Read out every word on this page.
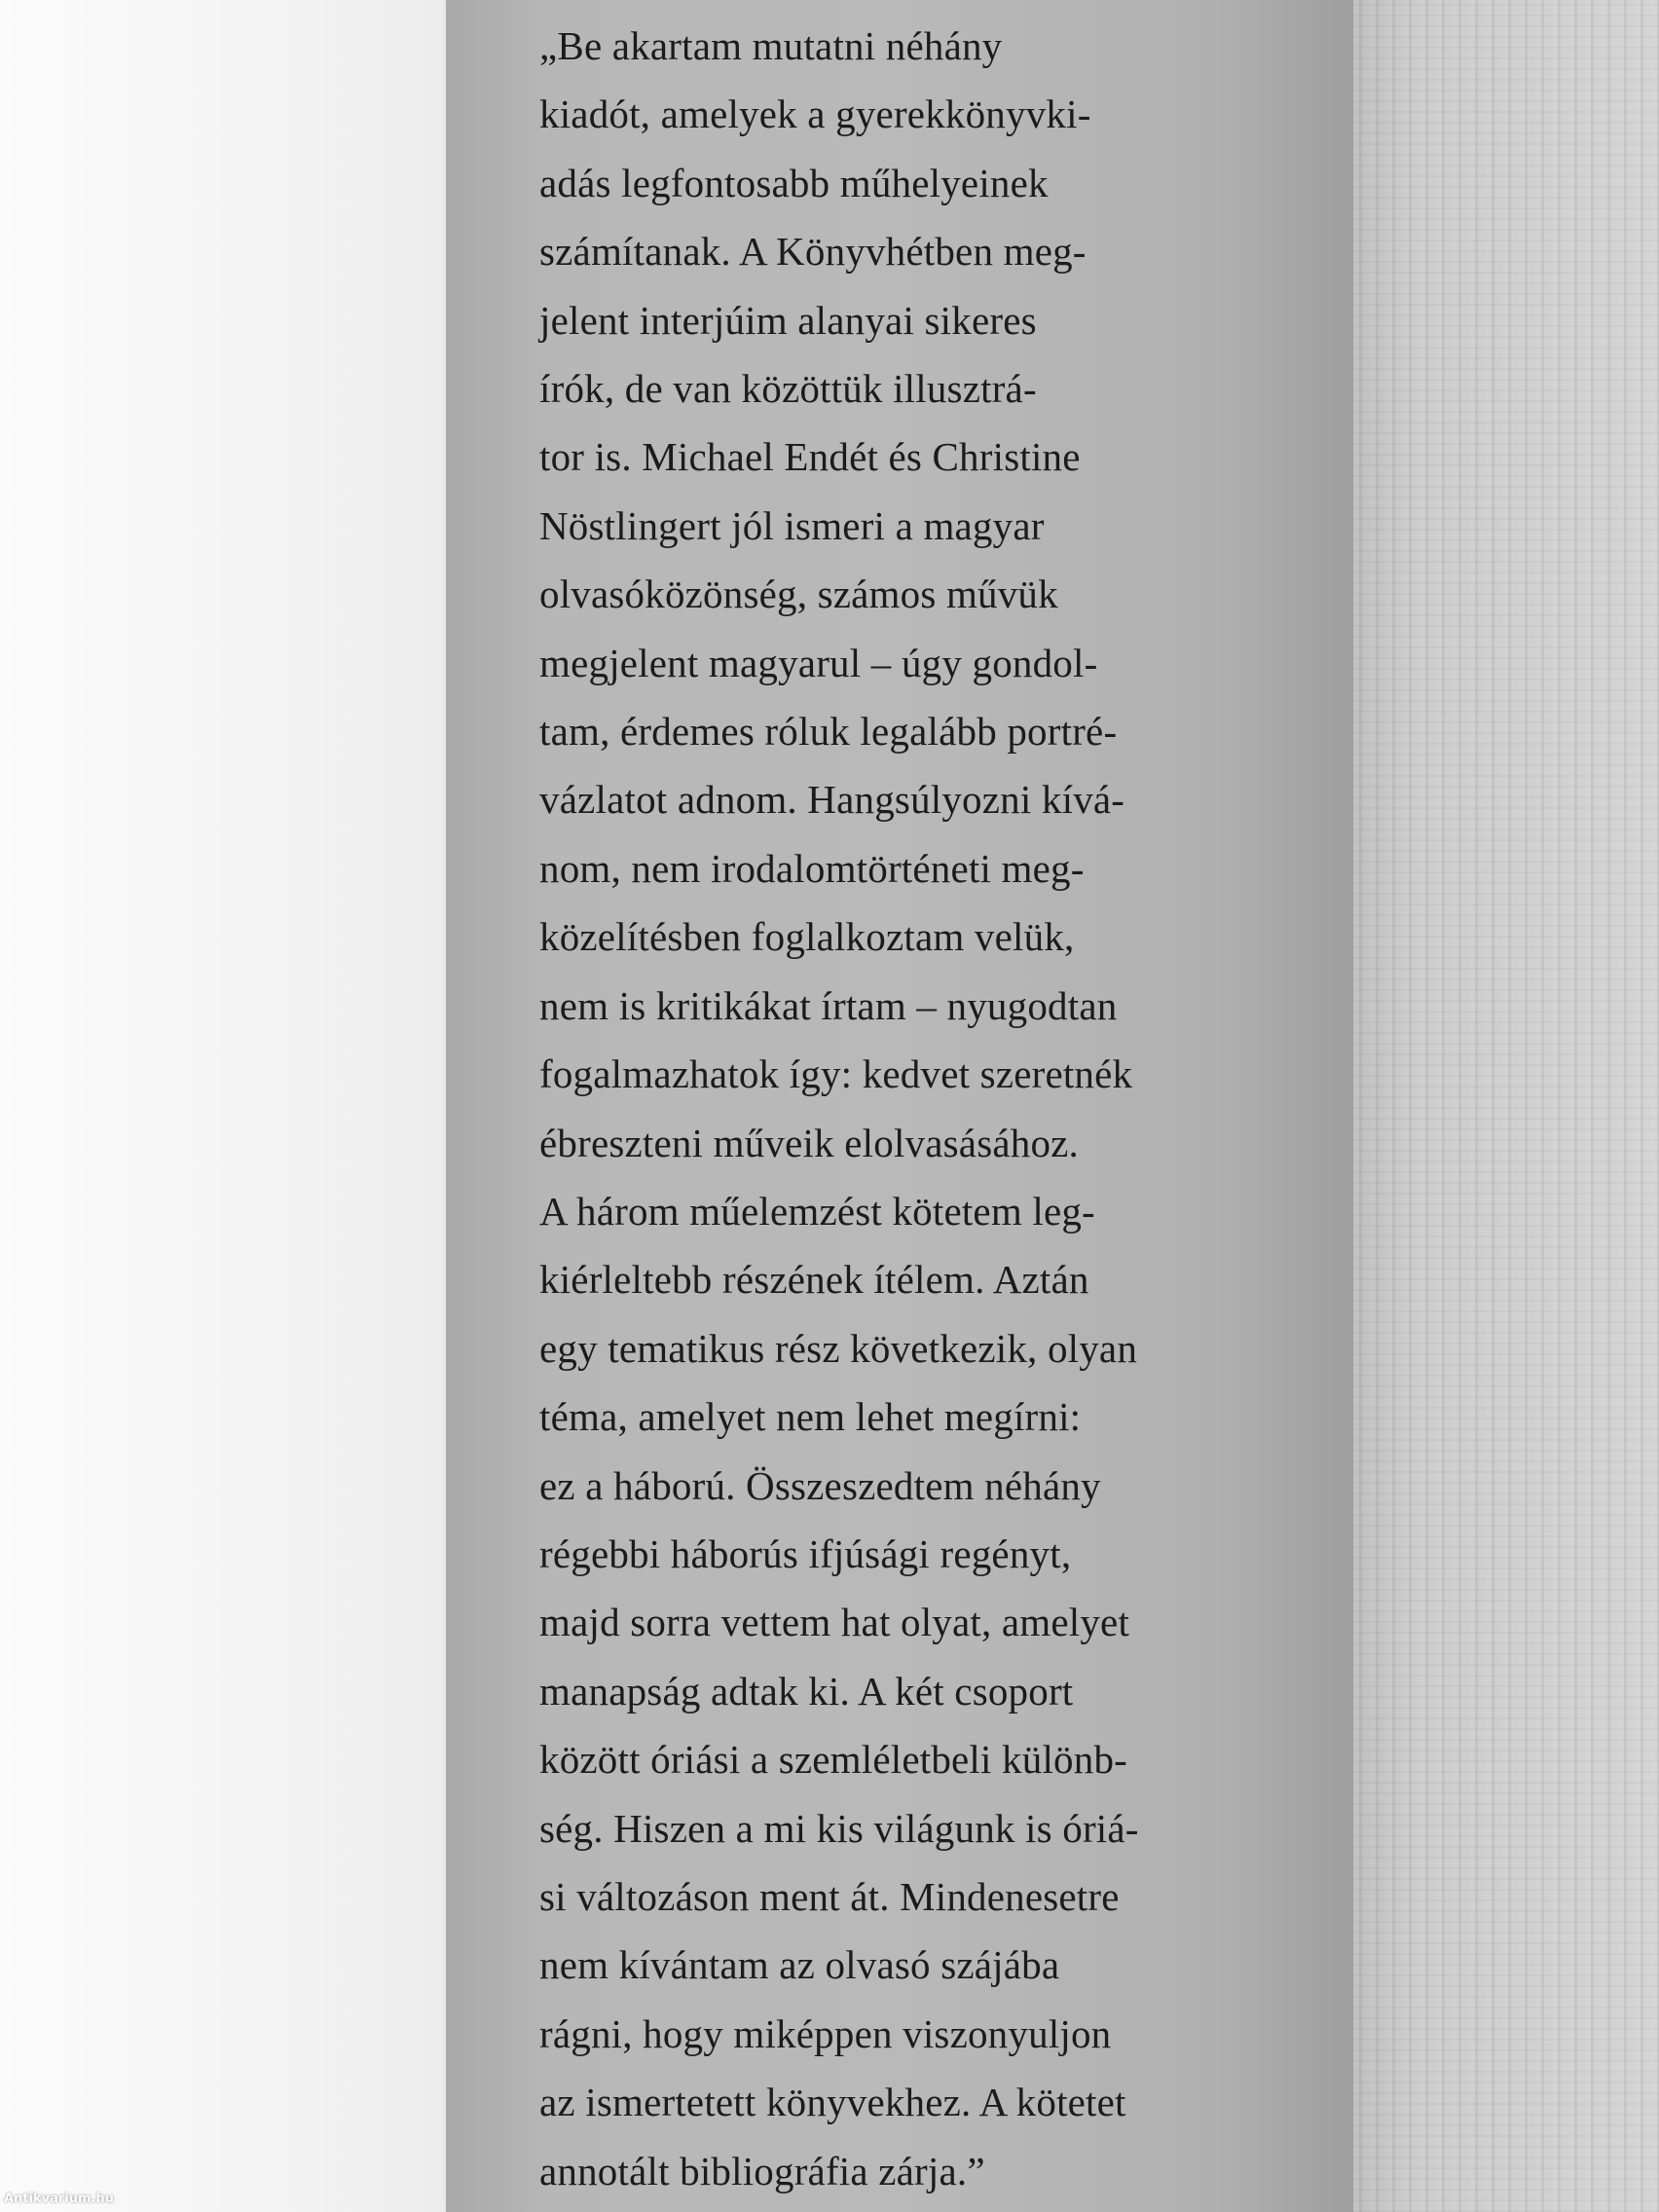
„Be akartam mutatni néhány
kiadót, amelyek a gyerekkönyvki-
adás legfontosabb műhelyeinek
számítanak. A Könyvhétben meg-
jelent interjúim alanyai sikeres
írók, de van közöttük illusztrá-
tor is. Michael Endét és Christine
Nöstlingert jól ismeri a magyar
olvasóközönség, számos művük
megjelent magyarul – úgy gondol-
tam, érdemes róluk legalább portré-
vázlatot adnom. Hangsúlyozni kívá-
nom, nem irodalomtörténeti meg-
közelítésben foglalkoztam velük,
nem is kritikákat írtam – nyugodtan
fogalmazhatok így: kedvet szeretnék
ébreszteni műveik elolvasásához.
A három műelemzést kötetem leg-
kiérleltebb részének ítélem. Aztán
egy tematikus rész következik, olyan
téma, amelyet nem lehet megírni:
ez a háború. Összeszedtem néhány
régebbi háborús ifjúsági regényt,
majd sorra vettem hat olyat, amelyet
manapság adtak ki. A két csoport
között óriási a szemléletbeli különb-
ség. Hiszen a mi kis világunk is óriá-
si változáson ment át. Mindenesetre
nem kívántam az olvasó szájába
rágni, hogy miképpen viszonyuljon
az ismertetett könyvekhez. A kötetet
annotált bibliográfia zárja.”

Antikvarium.hu
